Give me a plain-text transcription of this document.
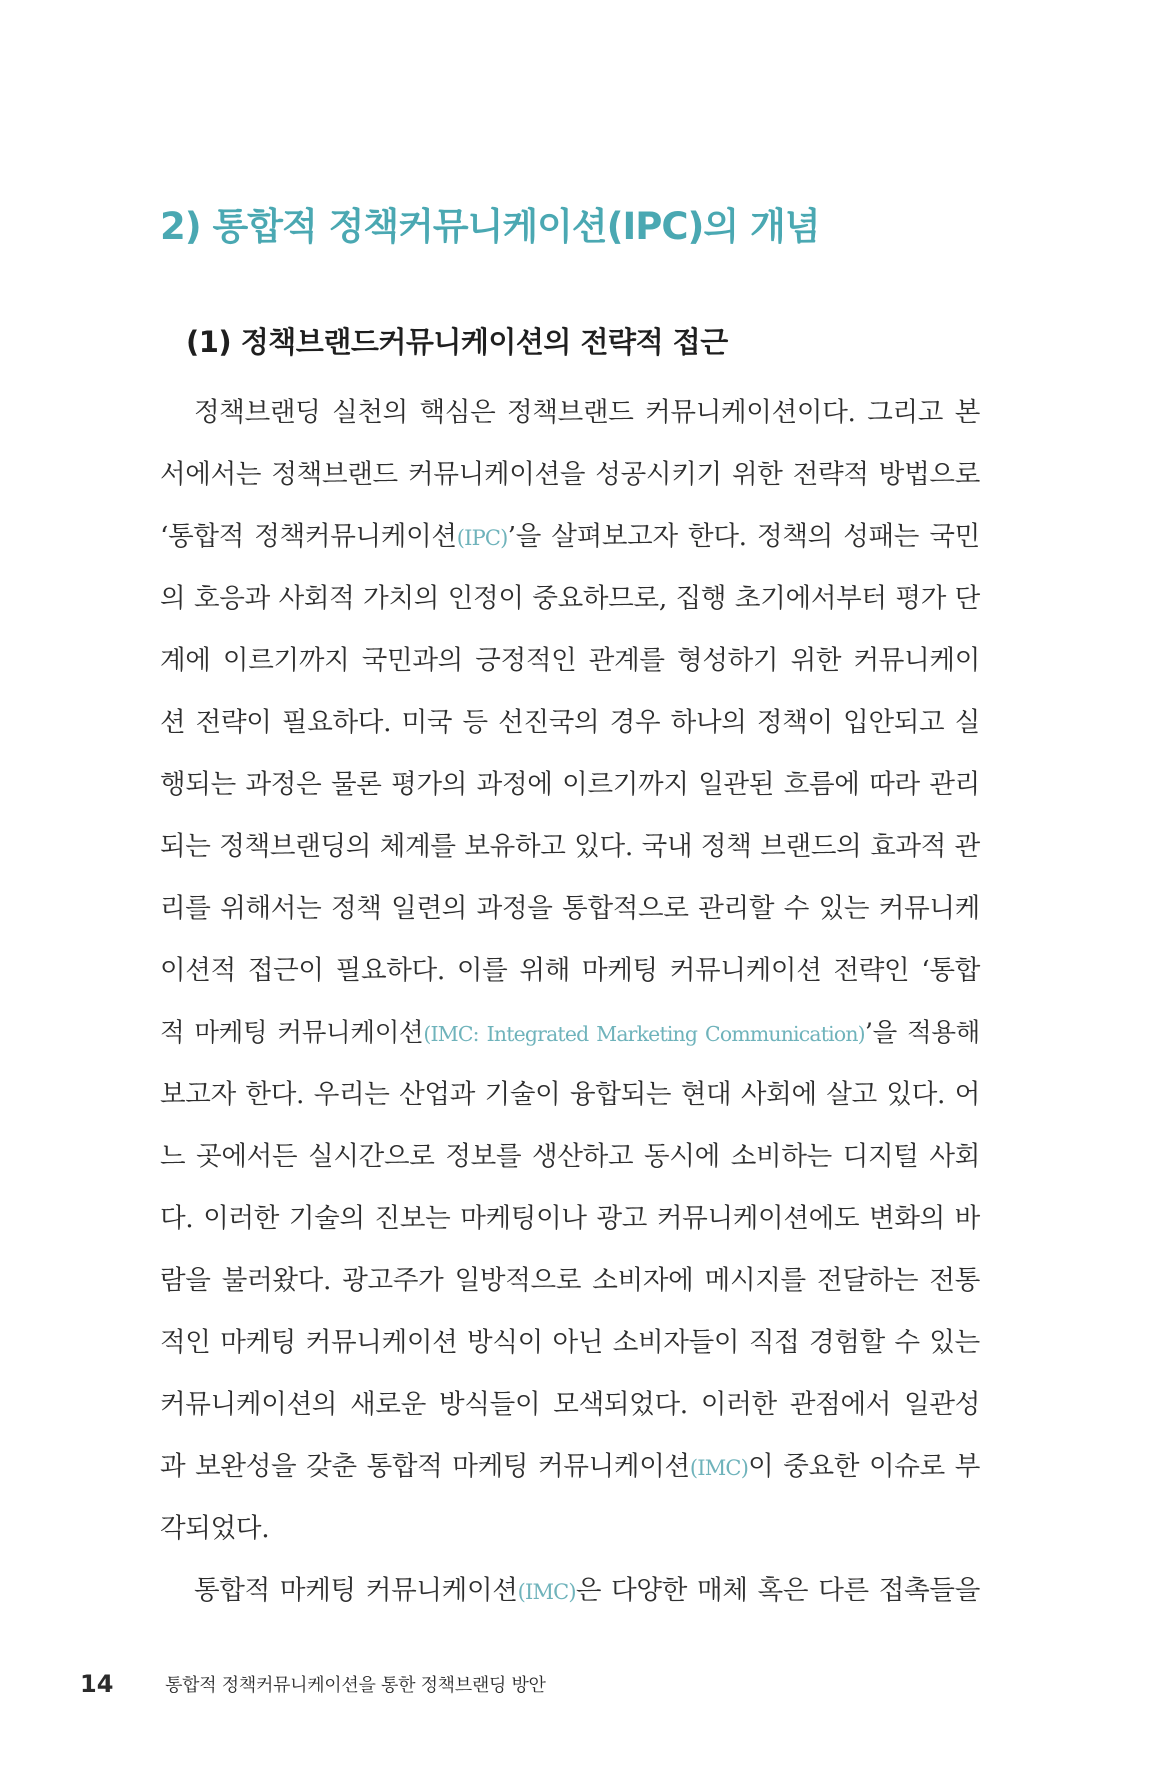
2) 통합적 정책커뮤니케이션(IPC)의 개념
(1) 정책브랜드커뮤니케이션의 전략적 접근
정책브랜딩 실천의 핵심은 정책브랜드 커뮤니케이션이다. 그리고 본
서에서는 정책브랜드 커뮤니케이션을 성공시키기 위한 전략적 방법으로
‘통합적 정책커뮤니케이션(IPC)’을 살펴보고자 한다. 정책의 성패는 국민
의 호응과 사회적 가치의 인정이 중요하므로, 집행 초기에서부터 평가 단
계에 이르기까지 국민과의 긍정적인 관계를 형성하기 위한 커뮤니케이
션 전략이 필요하다. 미국 등 선진국의 경우 하나의 정책이 입안되고 실
행되는 과정은 물론 평가의 과정에 이르기까지 일관된 흐름에 따라 관리
되는 정책브랜딩의 체계를 보유하고 있다. 국내 정책 브랜드의 효과적 관
리를 위해서는 정책 일련의 과정을 통합적으로 관리할 수 있는 커뮤니케
이션적 접근이 필요하다. 이를 위해 마케팅 커뮤니케이션 전략인 ‘통합
적 마케팅 커뮤니케이션(IMC: Integrated Marketing Communication)’을 적용해
보고자 한다. 우리는 산업과 기술이 융합되는 현대 사회에 살고 있다. 어
느 곳에서든 실시간으로 정보를 생산하고 동시에 소비하는 디지털 사회
다. 이러한 기술의 진보는 마케팅이나 광고 커뮤니케이션에도 변화의 바
람을 불러왔다. 광고주가 일방적으로 소비자에 메시지를 전달하는 전통
적인 마케팅 커뮤니케이션 방식이 아닌 소비자들이 직접 경험할 수 있는
커뮤니케이션의 새로운 방식들이 모색되었다. 이러한 관점에서 일관성
과 보완성을 갖춘 통합적 마케팅 커뮤니케이션(IMC)이 중요한 이슈로 부
각되었다.
통합적 마케팅 커뮤니케이션(IMC)은 다양한 매체 혹은 다른 접촉들을
14	통합적 정책커뮤니케이션을 통한 정책브랜딩 방안
